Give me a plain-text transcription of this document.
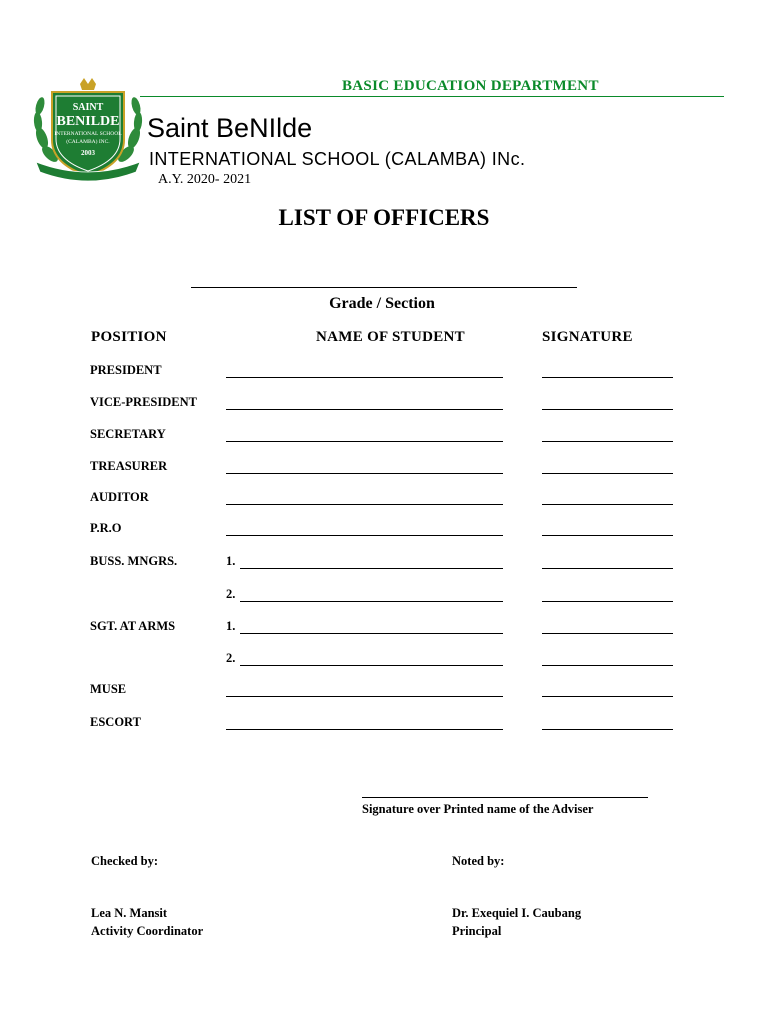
BASIC EDUCATION DEPARTMENT
SAINT
BENILDE
INTERNATIONAL SCHOOL
(CALAMBA) INC.
2003
Saint BeNIlde
INTERNATIONAL SCHOOL (CALAMBA) INc.
A.Y. 2020- 2021
LIST OF OFFICERS
Grade / Section
POSITION	NAME OF STUDENT	SIGNATURE
PRESIDENT
VICE-PRESIDENT
SECRETARY
TREASURER
AUDITOR
P.R.O
BUSS. MNGRS.	1.
2.
SGT. AT ARMS	1.
2.
MUSE
ESCORT
Signature over Printed name of the Adviser
Checked by:	Noted by:
Lea N. Mansit
Activity Coordinator
Dr. Exequiel I. Caubang
Principal
